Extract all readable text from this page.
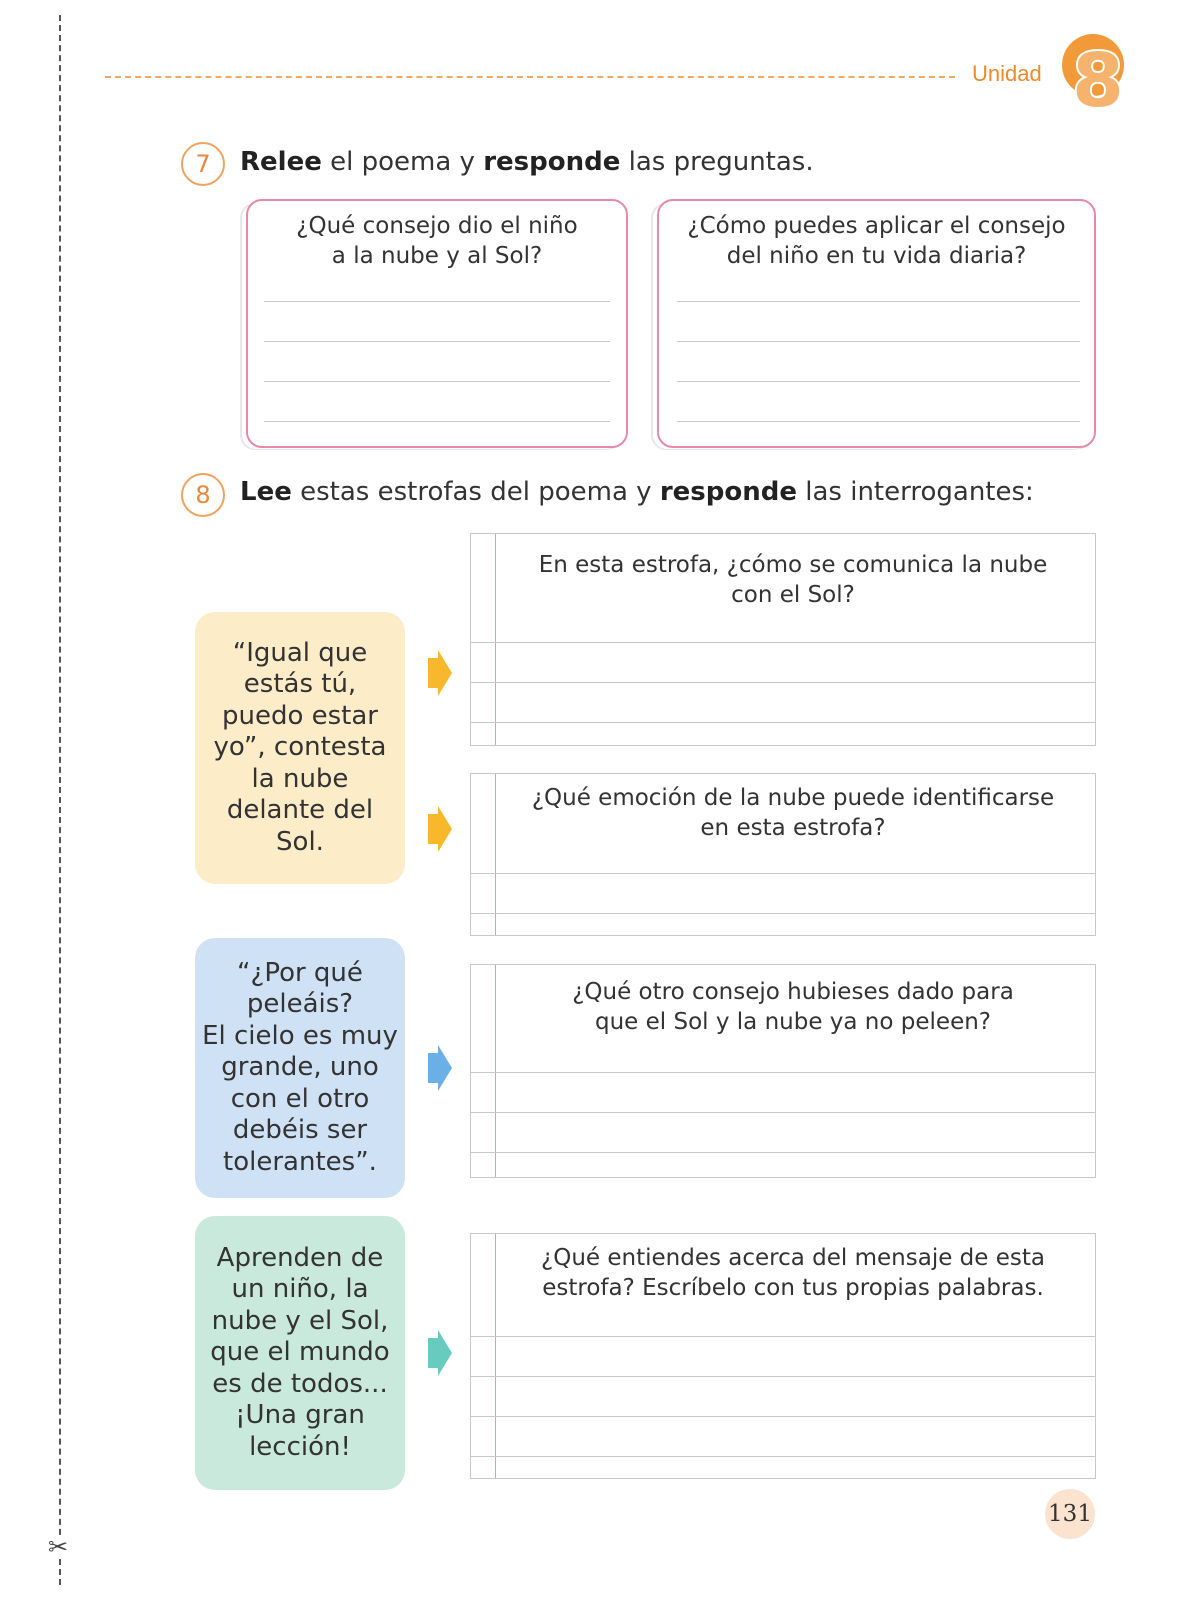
✂
Unidad 8
7	Relee el poema y responde las preguntas.
¿Qué consejo dio el niño
a la nube y al Sol?
¿Cómo puedes aplicar el consejo
del niño en tu vida diaria?
8	Lee estas estrofas del poema y responde las interrogantes:
“Igual que
estás tú,
puedo estar
yo”, contesta
la nube
delante del
Sol.
“¿Por qué
peleáis?
El cielo es muy
grande, uno
con el otro
debéis ser
tolerantes”.
Aprenden de
un niño, la
nube y el Sol,
que el mundo
es de todos...
¡Una gran
lección!
En esta estrofa, ¿cómo se comunica la nube
con el Sol?
¿Qué emoción de la nube puede identificarse
en esta estrofa?
¿Qué otro consejo hubieses dado para
que el Sol y la nube ya no peleen?
¿Qué entiendes acerca del mensaje de esta
estrofa? Escríbelo con tus propias palabras.
131
